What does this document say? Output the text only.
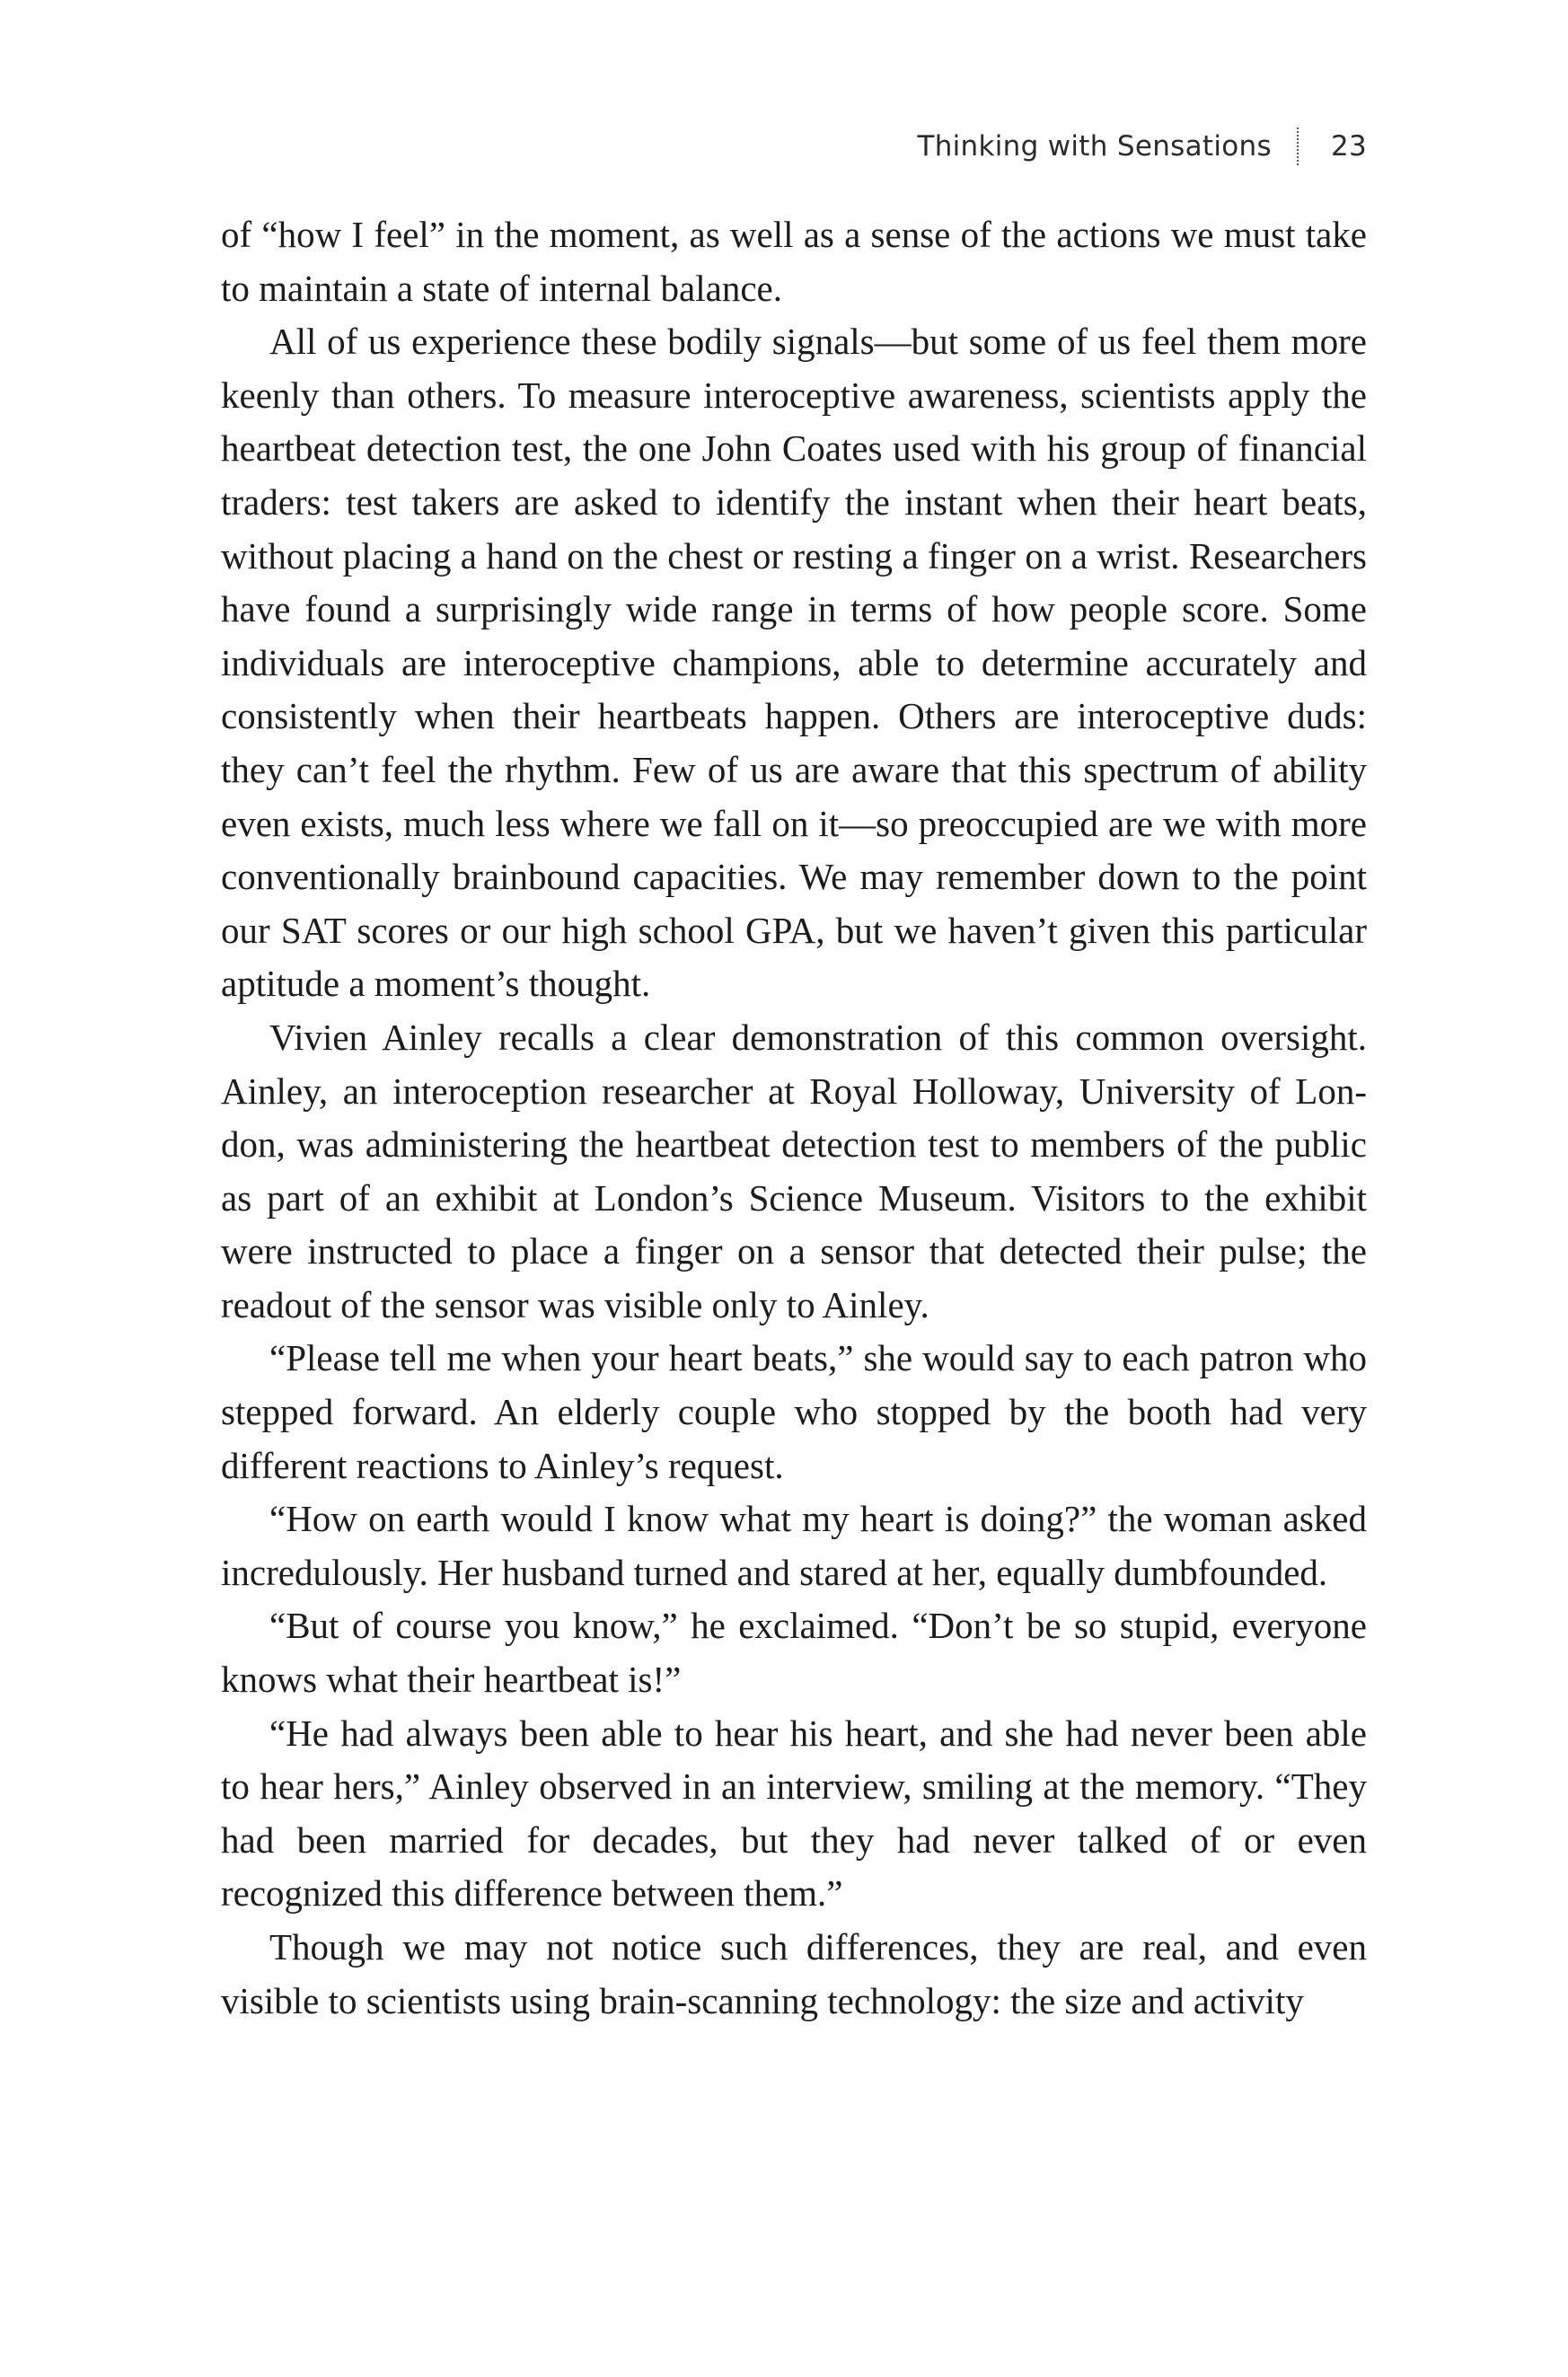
Thinking with Sensations 23

of “how I feel” in the moment, as well as a sense of the actions we must take to maintain a state of internal balance.

All of us experience these bodily signals—but some of us feel them more keenly than others. To measure interoceptive awareness, scientists apply the heartbeat detection test, the one John Coates used with his group of financial traders: test takers are asked to identify the instant when their heart beats, without placing a hand on the chest or resting a finger on a wrist. Researchers have found a surprisingly wide range in terms of how people score. Some individuals are interoceptive champions, able to determine accurately and consistently when their heartbeats happen. Others are interoceptive duds: they can’t feel the rhythm. Few of us are aware that this spectrum of ability even exists, much less where we fall on it—so preoccupied are we with more conventionally brainbound capacities. We may remember down to the point our SAT scores or our high school GPA, but we haven’t given this particular aptitude a moment’s thought.

Vivien Ainley recalls a clear demonstration of this common oversight. Ainley, an interoception researcher at Royal Holloway, University of London, was administering the heartbeat detection test to members of the public as part of an exhibit at London’s Science Museum. Visitors to the exhibit were instructed to place a finger on a sensor that detected their pulse; the readout of the sensor was visible only to Ainley.

“Please tell me when your heart beats,” she would say to each patron who stepped forward. An elderly couple who stopped by the booth had very different reactions to Ainley’s request.

“How on earth would I know what my heart is doing?” the woman asked incredulously. Her husband turned and stared at her, equally dumbfounded.

“But of course you know,” he exclaimed. “Don’t be so stupid, everyone knows what their heartbeat is!”

“He had always been able to hear his heart, and she had never been able to hear hers,” Ainley observed in an interview, smiling at the memory. “They had been married for decades, but they had never talked of or even recognized this difference between them.”

Though we may not notice such differences, they are real, and even visible to scientists using brain-scanning technology: the size and activity
